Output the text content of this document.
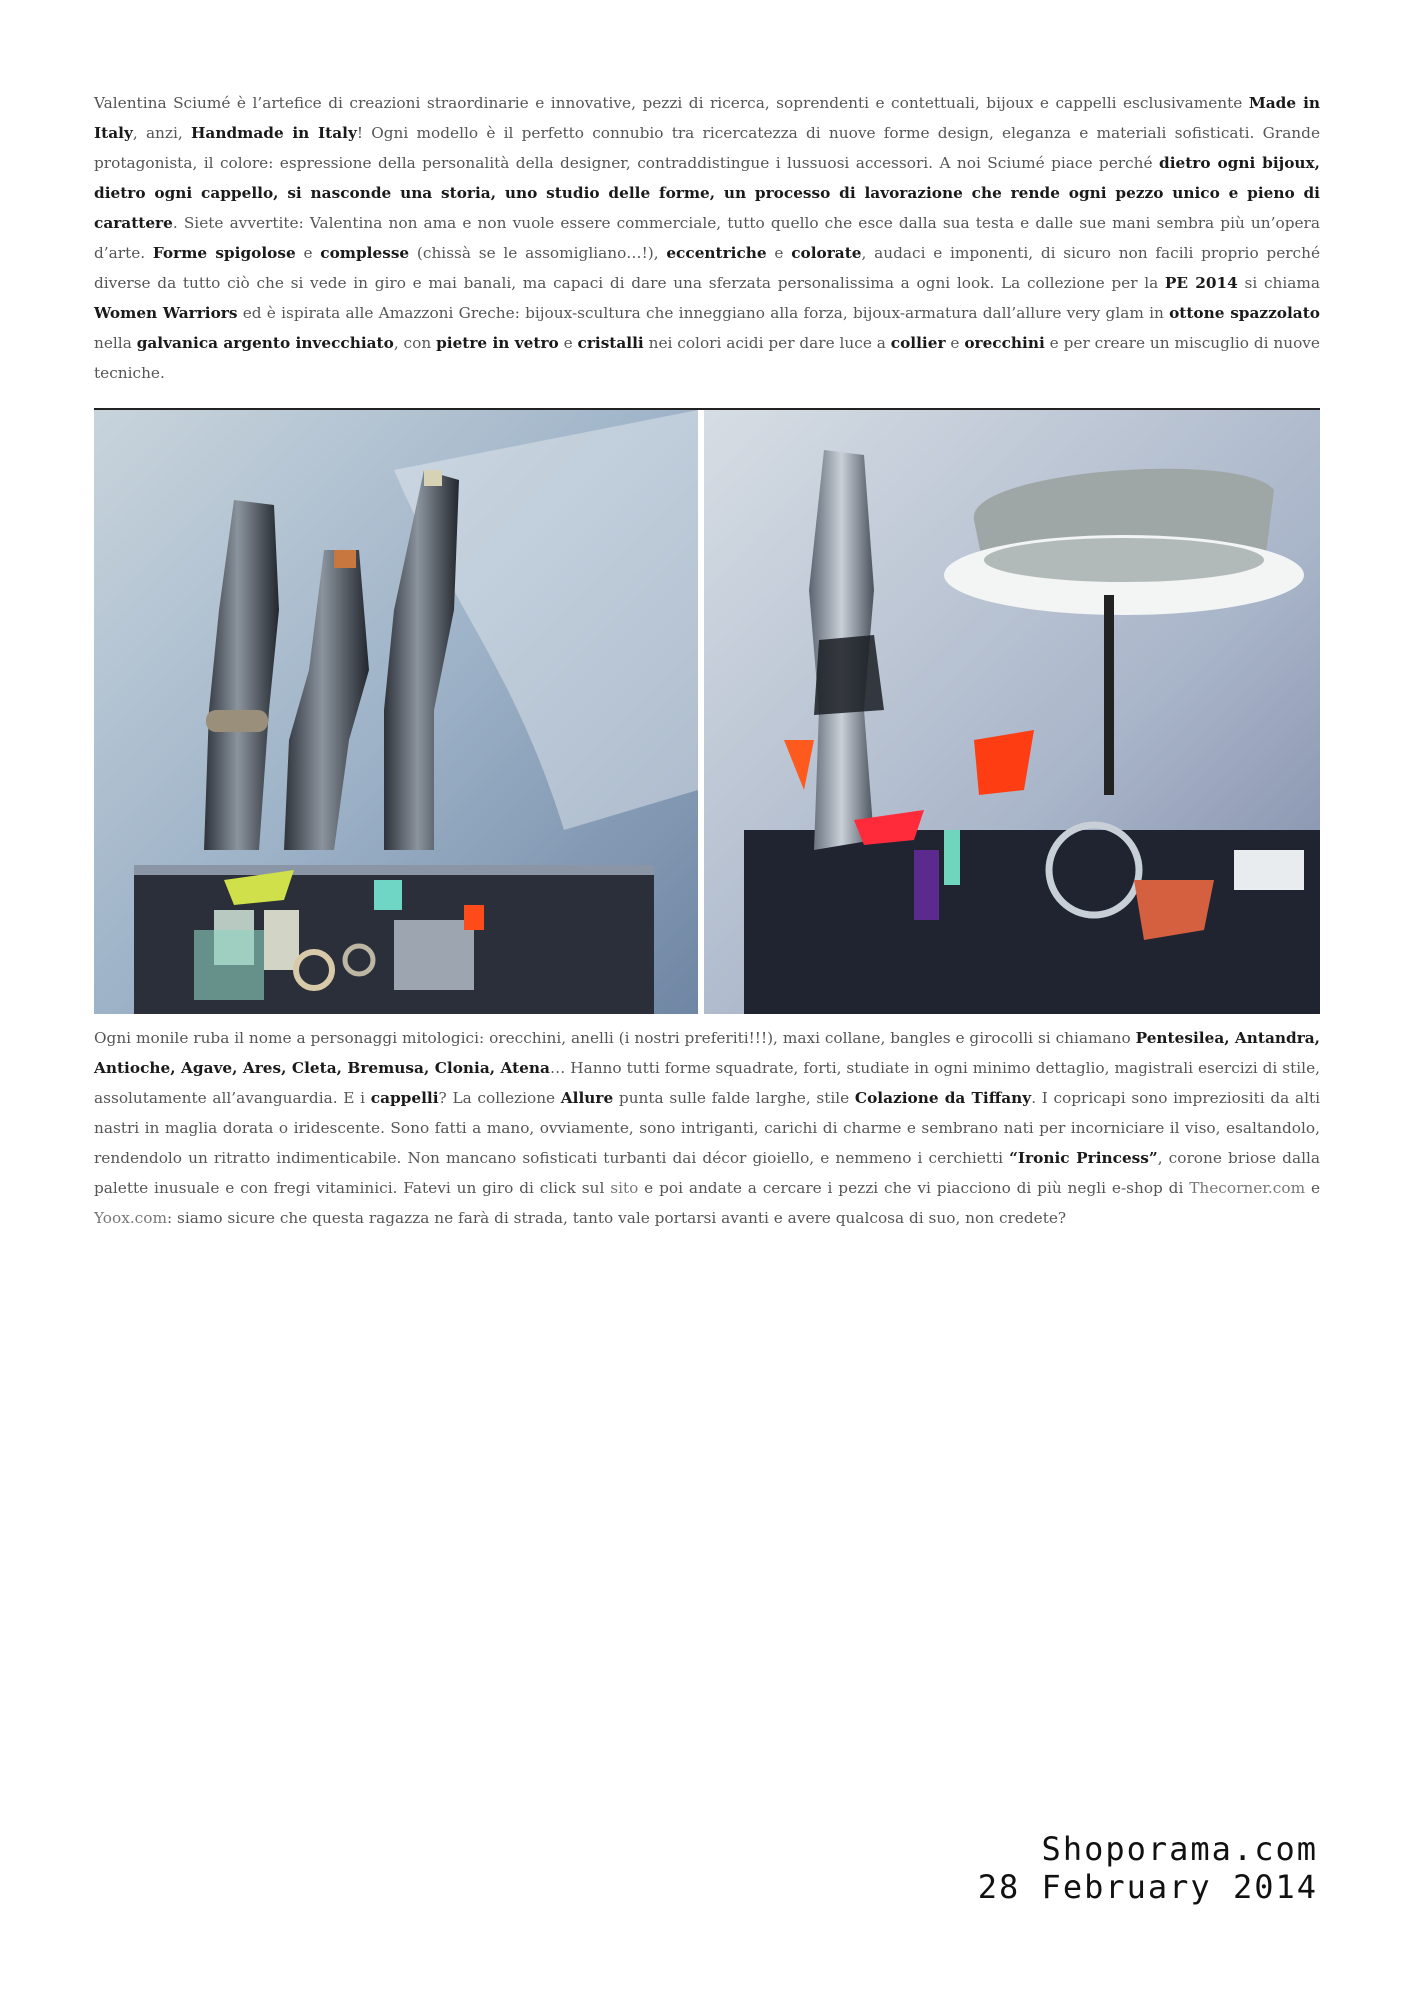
Valentina Sciumé è l’artefice di creazioni straordinarie e innovative, pezzi di ricerca, soprendenti e contettuali, bijoux e cappelli esclusivamente Made in Italy, anzi, Handmade in Italy! Ogni modello è il perfetto connubio tra ricercatezza di nuove forme design, eleganza e materiali sofisticati. Grande protagonista, il colore: espressione della personalità della designer, contraddistingue i lussuosi accessori. A noi Sciumé piace perché dietro ogni bijoux, dietro ogni cappello, si nasconde una storia, uno studio delle forme, un processo di lavorazione che rende ogni pezzo unico e pieno di carattere. Siete avvertite: Valentina non ama e non vuole essere commerciale, tutto quello che esce dalla sua testa e dalle sue mani sembra più un’opera d’arte. Forme spigolose e complesse (chissà se le assomigliano…!), eccentriche e colorate, audaci e imponenti, di sicuro non facili proprio perché diverse da tutto ciò che si vede in giro e mai banali, ma capaci di dare una sferzata personalissima a ogni look. La collezione per la PE 2014 si chiama Women Warriors ed è ispirata alle Amazzoni Greche: bijoux-scultura che inneggiano alla forza, bijoux-armatura dall’allure very glam in ottone spazzolato nella galvanica argento invecchiato, con pietre in vetro e cristalli nei colori acidi per dare luce a collier e orecchini e per creare un miscuglio di nuove tecniche.

Ogni monile ruba il nome a personaggi mitologici: orecchini, anelli (i nostri preferiti!!!), maxi collane, bangles e girocolli si chiamano Pentesilea, Antandra, Antioche, Agave, Ares, Cleta, Bremusa, Clonia, Atena… Hanno tutti forme squadrate, forti, studiate in ogni minimo dettaglio, magistrali esercizi di stile, assolutamente all’avanguardia. E i cappelli? La collezione Allure punta sulle falde larghe, stile Colazione da Tiffany. I copricapi sono impreziositi da alti nastri in maglia dorata o iridescente. Sono fatti a mano, ovviamente, sono intriganti, carichi di charme e sembrano nati per incorniciare il viso, esaltandolo, rendendolo un ritratto indimenticabile. Non mancano sofisticati turbanti dai décor gioiello, e nemmeno i cerchietti “Ironic Princess”, corone briose dalla palette inusuale e con fregi vitaminici. Fatevi un giro di click sul sito e poi andate a cercare i pezzi che vi piacciono di più negli e-shop di Thecorner.com e Yoox.com: siamo sicure che questa ragazza ne farà di strada, tanto vale portarsi avanti e avere qualcosa di suo, non credete?

Shoporama.com
28 February 2014
